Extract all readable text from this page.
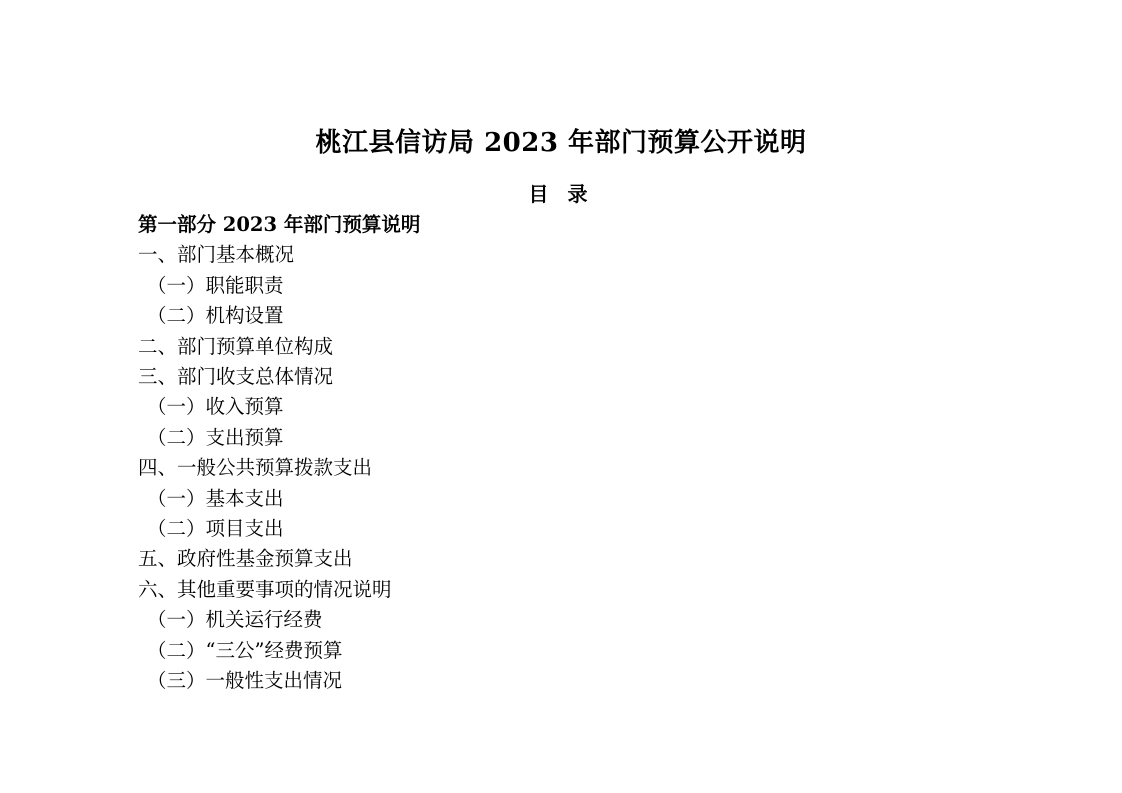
桃江县信访局 2023 年部门预算公开说明
目 录
第一部分 2023 年部门预算说明
一、部门基本概况
（一）职能职责
（二）机构设置
二、部门预算单位构成
三、部门收支总体情况
（一）收入预算
（二）支出预算
四、一般公共预算拨款支出
（一）基本支出
（二）项目支出
五、政府性基金预算支出
六、其他重要事项的情况说明
（一）机关运行经费
（二）“三公”经费预算
（三）一般性支出情况
